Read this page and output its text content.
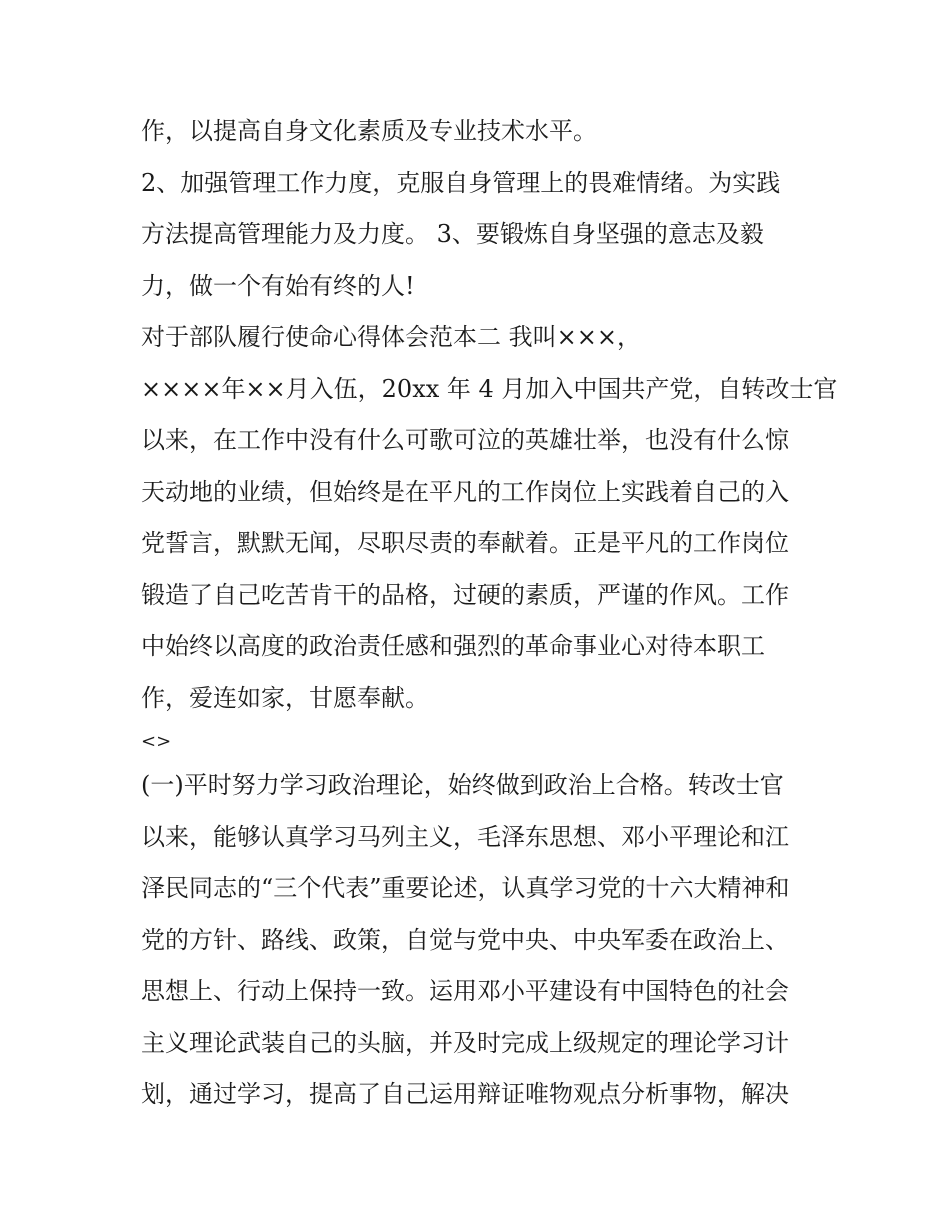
作，以提高自身文化素质及专业技术水平。
2、加强管理工作力度，克服自身管理上的畏难情绪。为实践
方法提高管理能力及力度。 3、要锻炼自身坚强的意志及毅
力，做一个有始有终的人!
对于部队履行使命心得体会范本二 我叫×××，
××××年××月入伍，20xx 年 4 月加入中国共产党，自转改士官
以来，在工作中没有什么可歌可泣的英雄壮举，也没有什么惊
天动地的业绩，但始终是在平凡的工作岗位上实践着自己的入
党誓言，默默无闻，尽职尽责的奉献着。正是平凡的工作岗位
锻造了自己吃苦肯干的品格，过硬的素质，严谨的作风。工作
中始终以高度的政治责任感和强烈的革命事业心对待本职工
作，爱连如家，甘愿奉献。
<>
(一)平时努力学习政治理论，始终做到政治上合格。转改士官
以来，能够认真学习马列主义，毛泽东思想、邓小平理论和江
泽民同志的“三个代表”重要论述，认真学习党的十六大精神和
党的方针、路线、政策，自觉与党中央、中央军委在政治上、
思想上、行动上保持一致。运用邓小平建设有中国特色的社会
主义理论武装自己的头脑，并及时完成上级规定的理论学习计
划，通过学习，提高了自己运用辩证唯物观点分析事物，解决
